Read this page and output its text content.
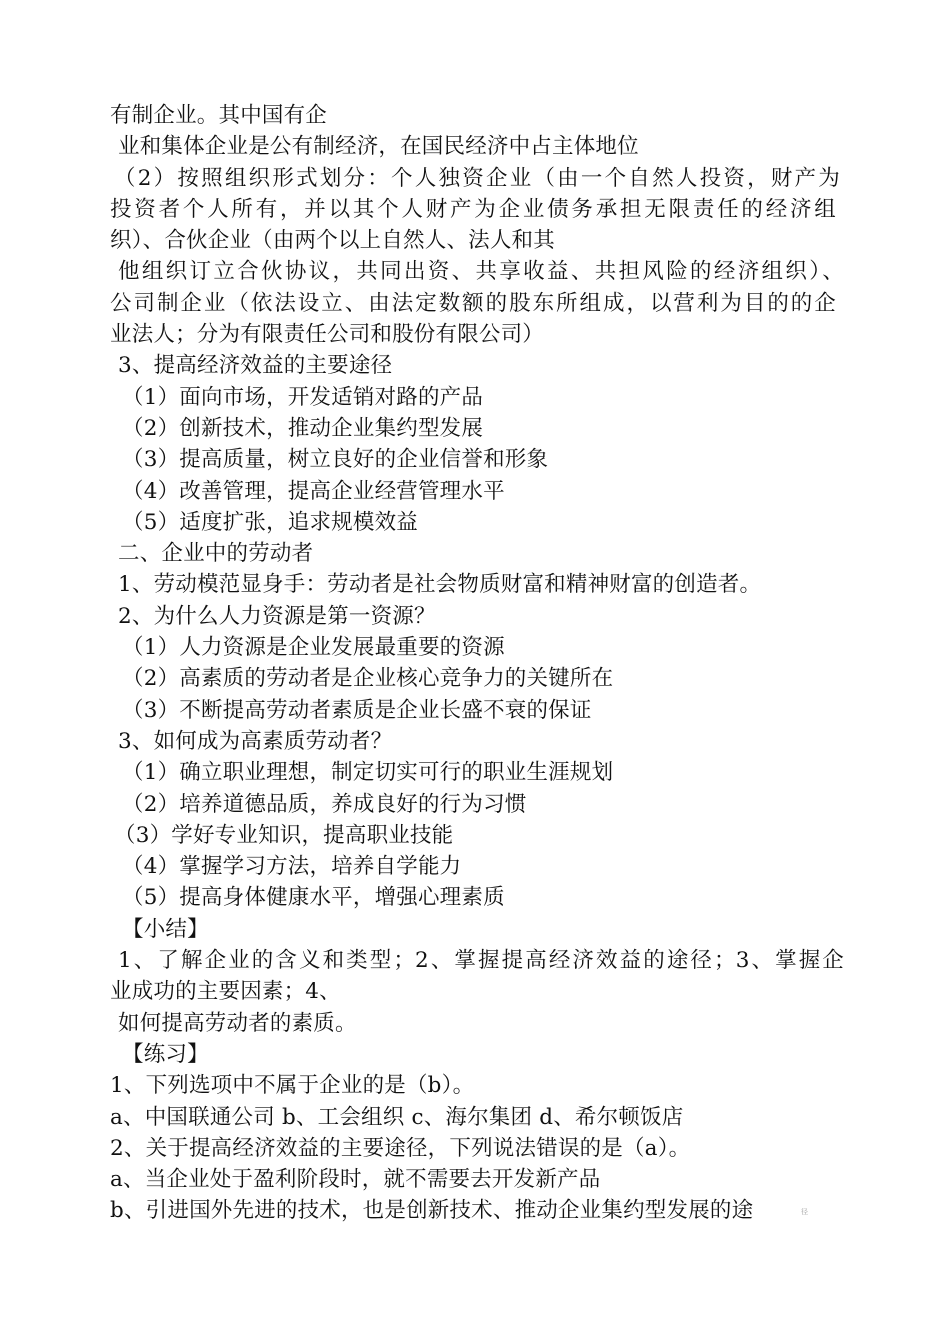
有制企业。其中国有企
业和集体企业是公有制经济，在国民经济中占主体地位
（2）按照组织形式划分：个人独资企业（由一个自然人投资，财产为
投资者个人所有，并以其个人财产为企业债务承担无限责任的经济组
织）、合伙企业（由两个以上自然人、法人和其
他组织订立合伙协议，共同出资、共享收益、共担风险的经济组织）、
公司制企业（依法设立、由法定数额的股东所组成，以营利为目的的企
业法人；分为有限责任公司和股份有限公司）
3、提高经济效益的主要途径
（1）面向市场，开发适销对路的产品
（2）创新技术，推动企业集约型发展
（3）提高质量，树立良好的企业信誉和形象
（4）改善管理，提高企业经营管理水平
（5）适度扩张，追求规模效益
二、企业中的劳动者
1、劳动模范显身手：劳动者是社会物质财富和精神财富的创造者。
2、为什么人力资源是第一资源？
（1）人力资源是企业发展最重要的资源
（2）高素质的劳动者是企业核心竞争力的关键所在
（3）不断提高劳动者素质是企业长盛不衰的保证
3、如何成为高素质劳动者？
（1）确立职业理想，制定切实可行的职业生涯规划
（2）培养道德品质，养成良好的行为习惯
（3）学好专业知识，提高职业技能
（4）掌握学习方法，培养自学能力
（5）提高身体健康水平，增强心理素质
【小结】
1、了解企业的含义和类型；2、掌握提高经济效益的途径；3、掌握企
业成功的主要因素；4、
如何提高劳动者的素质。
【练习】
1、下列选项中不属于企业的是（b）。
a、中国联通公司 b、工会组织 c、海尔集团 d、希尔顿饭店
2、关于提高经济效益的主要途径，下列说法错误的是（a）。
a、当企业处于盈利阶段时，就不需要去开发新产品
b、引进国外先进的技术，也是创新技术、推动企业集约型发展的途	径
